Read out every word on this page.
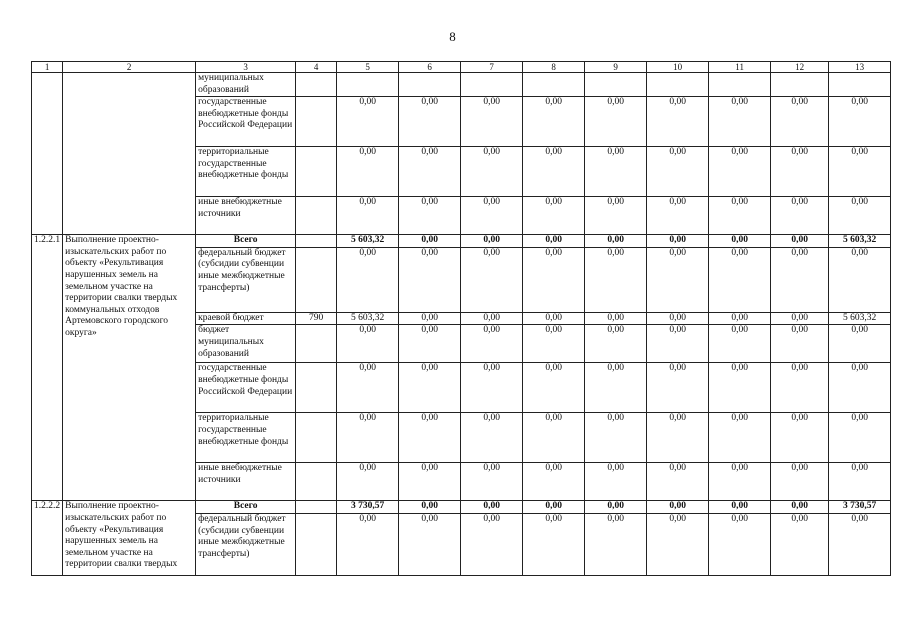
8
1	2	3	4	5	6	7	8	9	10	11	12	13
		муниципальных образований										
		государственные внебюджетные фонды Российской Федерации		0,00	0,00	0,00	0,00	0,00	0,00	0,00	0,00	0,00
		территориальные государственные внебюджетные фонды		0,00	0,00	0,00	0,00	0,00	0,00	0,00	0,00	0,00
		иные внебюджетные источники		0,00	0,00	0,00	0,00	0,00	0,00	0,00	0,00	0,00
1.2.2.1	Выполнение проектно-изыскательских работ по объекту «Рекультивация нарушенных земель на земельном участке на территории свалки твердых коммунальных отходов Артемовского городского округа»	Всего		5 603,32	0,00	0,00	0,00	0,00	0,00	0,00	0,00	5 603,32
		федеральный бюджет (субсидии субвенции иные межбюджетные трансферты)		0,00	0,00	0,00	0,00	0,00	0,00	0,00	0,00	0,00
		краевой бюджет	790	5 603,32	0,00	0,00	0,00	0,00	0,00	0,00	0,00	5 603,32
		бюджет муниципальных образований		0,00	0,00	0,00	0,00	0,00	0,00	0,00	0,00	0,00
		государственные внебюджетные фонды Российской Федерации		0,00	0,00	0,00	0,00	0,00	0,00	0,00	0,00	0,00
		территориальные государственные внебюджетные фонды		0,00	0,00	0,00	0,00	0,00	0,00	0,00	0,00	0,00
		иные внебюджетные источники		0,00	0,00	0,00	0,00	0,00	0,00	0,00	0,00	0,00
1.2.2.2	Выполнение проектно-изыскательских работ по объекту «Рекультивация нарушенных земель на земельном участке на территории свалки твердых	Всего		3 730,57	0,00	0,00	0,00	0,00	0,00	0,00	0,00	3 730,57
		федеральный бюджет (субсидии субвенции иные межбюджетные трансферты)		0,00	0,00	0,00	0,00	0,00	0,00	0,00	0,00	0,00
